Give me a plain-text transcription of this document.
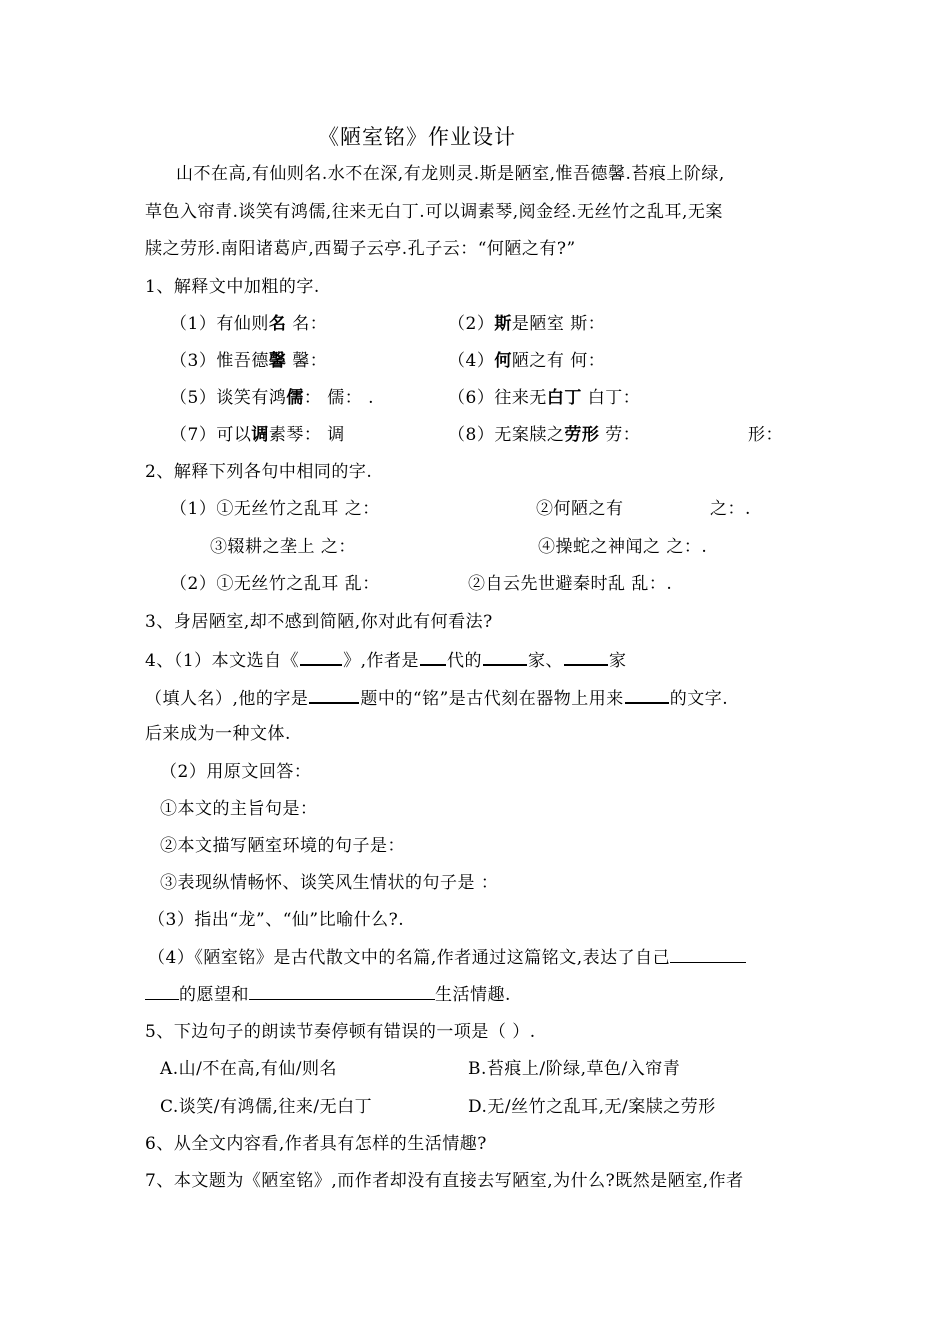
《陋室铭》作业设计
山不在高,有仙则名.水不在深,有龙则灵.斯是陋室,惟吾德馨.苔痕上阶绿,
草色入帘青.谈笑有鸿儒,往来无白丁.可以调素琴,阅金经.无丝竹之乱耳,无案
牍之劳形.南阳诸葛庐,西蜀子云亭.孔子云：“何陋之有?”
1、解释文中加粗的字.
（1）有仙则名 名：	（2）斯是陋室 斯：
（3）惟吾德馨 馨：	（4）何陋之有 何：
（5）谈笑有鸿儒： 儒： .	（6）往来无白丁 白丁：
（7）可以调素琴： 调	（8）无案牍之劳形 劳：	形：
2、解释下列各句中相同的字.
（1）①无丝竹之乱耳 之：	②何陋之有	之：.
③辍耕之垄上 之：	④操蛇之神闻之 之：.
（2）①无丝竹之乱耳 乱：	②自云先世避秦时乱 乱：.
3、身居陋室,却不感到简陋,你对此有何看法?
4、（1）本文选自《	》,作者是 代的	家、	家
（填人名）,他的字是	题中的“铭”是古代刻在器物上用来	的文字.
后来成为一种文体.
（2）用原文回答：
①本文的主旨句是：
②本文描写陋室环境的句子是：
③表现纵情畅怀、谈笑风生情状的句子是 ：
（3）指出“龙”、“仙”比喻什么?.
（4）《陋室铭》是古代散文中的名篇,作者通过这篇铭文,表达了自己
的愿望和	生活情趣.
5、下边句子的朗读节奏停顿有错误的一项是（ ）.
A.山/不在高,有仙/则名	B.苔痕上/阶绿,草色/入帘青
C.谈笑/有鸿儒,往来/无白丁	D.无/丝竹之乱耳,无/案牍之劳形
6、从全文内容看,作者具有怎样的生活情趣?
7、本文题为《陋室铭》,而作者却没有直接去写陋室,为什么?既然是陋室,作者
